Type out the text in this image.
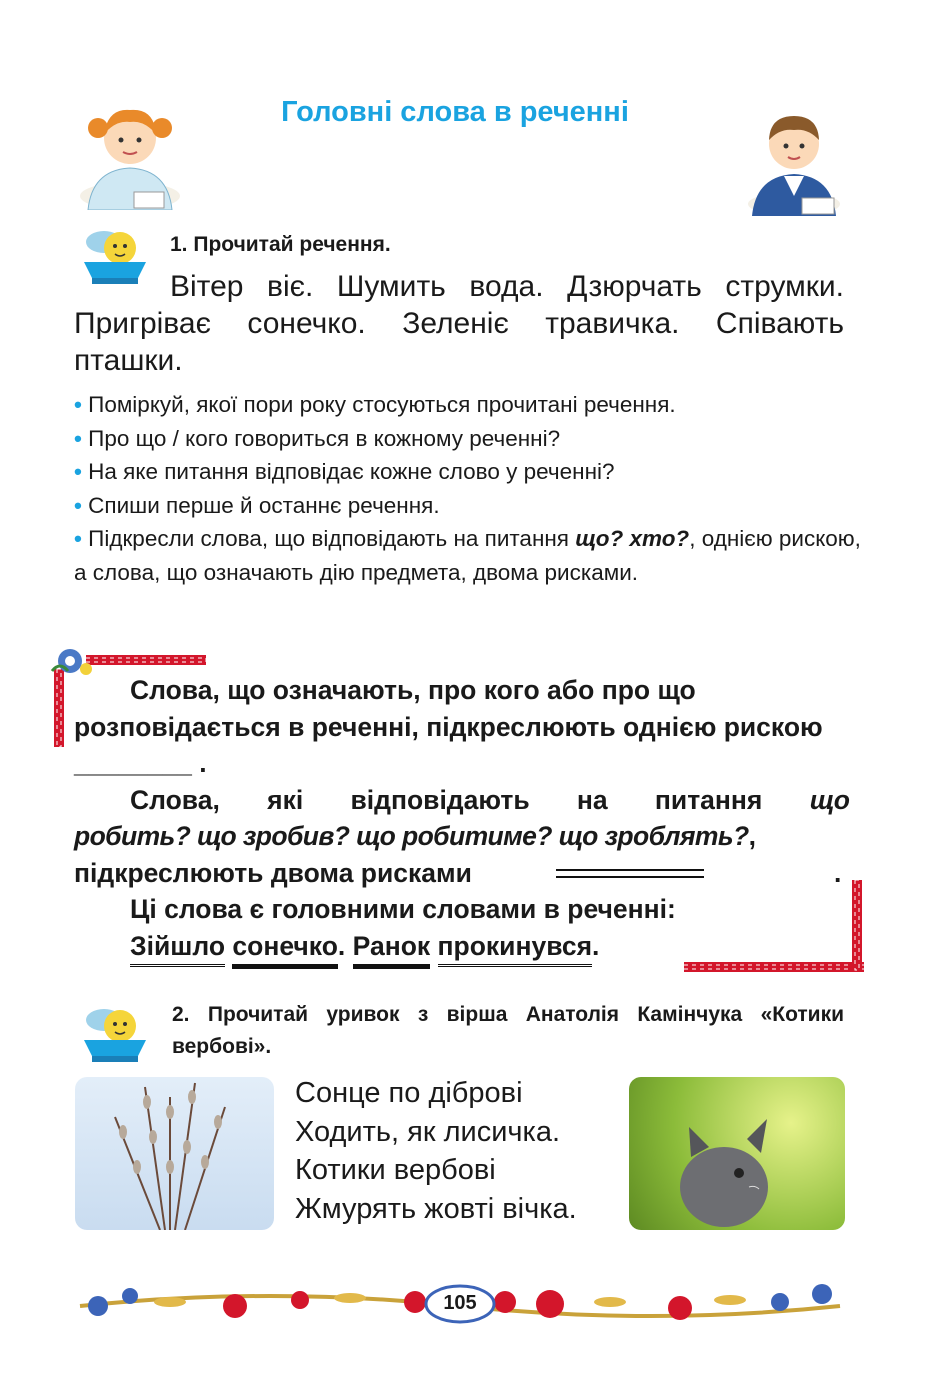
Головні слова в реченні
1. Прочитай речення.
Вітер віє. Шумить вода. Дзюрчать струмки. Пригріває сонечко. Зеленіє травичка. Співають пташки.
• Поміркуй, якої пори року стосуються прочитані речення.
• Про що / кого говориться в кожному реченні?
• На яке питання відповідає кожне слово у реченні?
• Спиши перше й останнє речення.
• Підкресли слова, що відповідають на питання що? хто?, однією рискою, а слова, що означають дію предмета, двома рисками.

Слова, що означають, про кого або про що розповідається в реченні, підкреслюють однією рискою ________ .

Слова, які відповідають на питання що

робить? що зробив? що робитиме? що зроблять?,

підкреслюють двома рисками	.

Ці слова є головними словами в реченні:

Зійшло сонечко. Ранок прокинувся.

2. Прочитай уривок з вірша Анатолія Камінчука «Котики вербові».
Сонце по діброві
Ходить, як лисичка.
Котики вербові
Жмурять жовті вічка.
105
